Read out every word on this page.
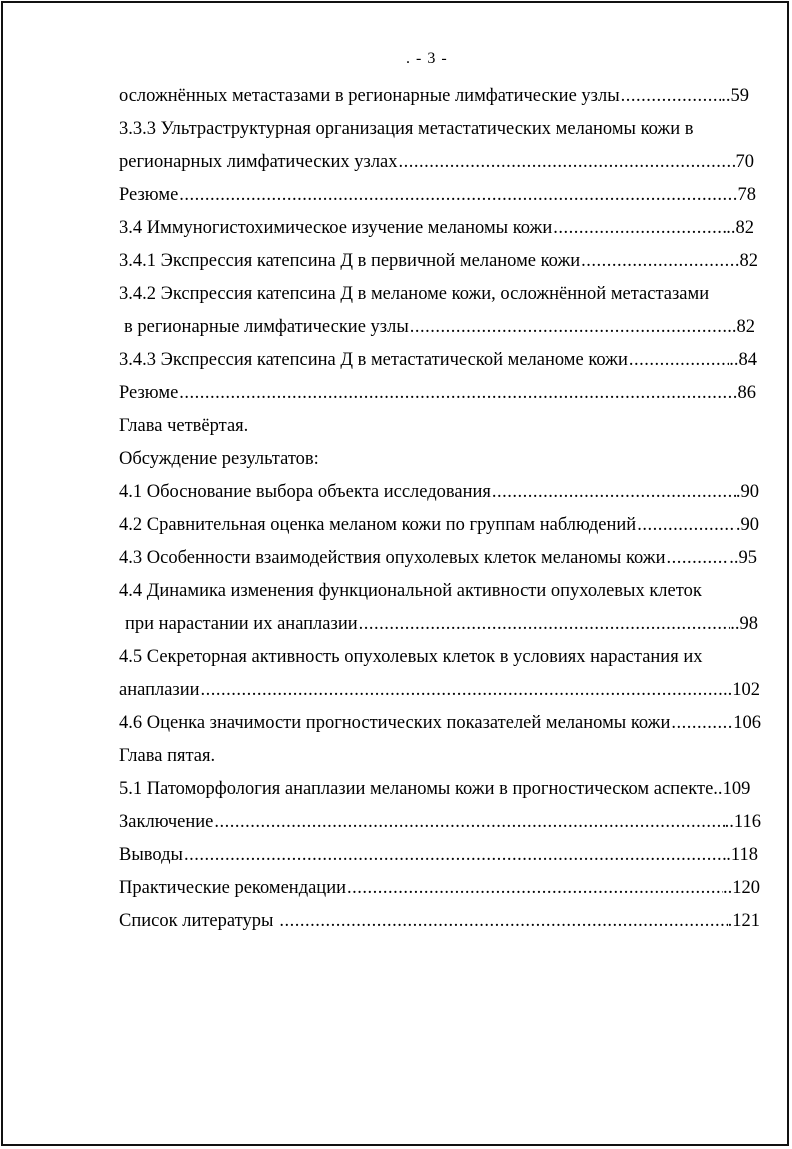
. - 3 -
осложнённых метастазами в регионарные лимфатические узлы .....	..59
3.3.3 Ультраструктурная организация метастатических меланомы кожи в
регионарных лимфатических узлах .....	70
Резюме .....	78
3.4 Иммуногистохимическое изучение меланомы кожи .....	..82
3.4.1 Экспрессия катепсина Д в первичной меланоме кожи .....	.82
3.4.2 Экспрессия катепсина Д в меланоме кожи, осложнённой метастазами
в регионарные лимфатические узлы .....	..82
3.4.3 Экспрессия катепсина Д в метастатической меланоме кожи .....	..84
Резюме .....	86
Глава четвёртая.
Обсуждение результатов:
4.1 Обоснование выбора объекта исследования .....	.90
4.2 Сравнительная оценка меланом кожи по группам наблюдений .....	.90
4.3 Особенности взаимодействия опухолевых клеток меланомы кожи .....	..95
4.4 Динамика изменения функциональной активности опухолевых клеток
при нарастании их анаплазии .....	..98
4.5 Секреторная активность опухолевых клеток в условиях нарастания их
анаплазии .....	..102
4.6 Оценка значимости прогностических показателей меланомы кожи .....	106
Глава пятая.
5.1 Патоморфология анаплазии меланомы кожи в прогностическом аспекте.. 109
Заключение .....	..116
Выводы .....	.118
Практические рекомендации .....	..120
Список литературы .....	.121
